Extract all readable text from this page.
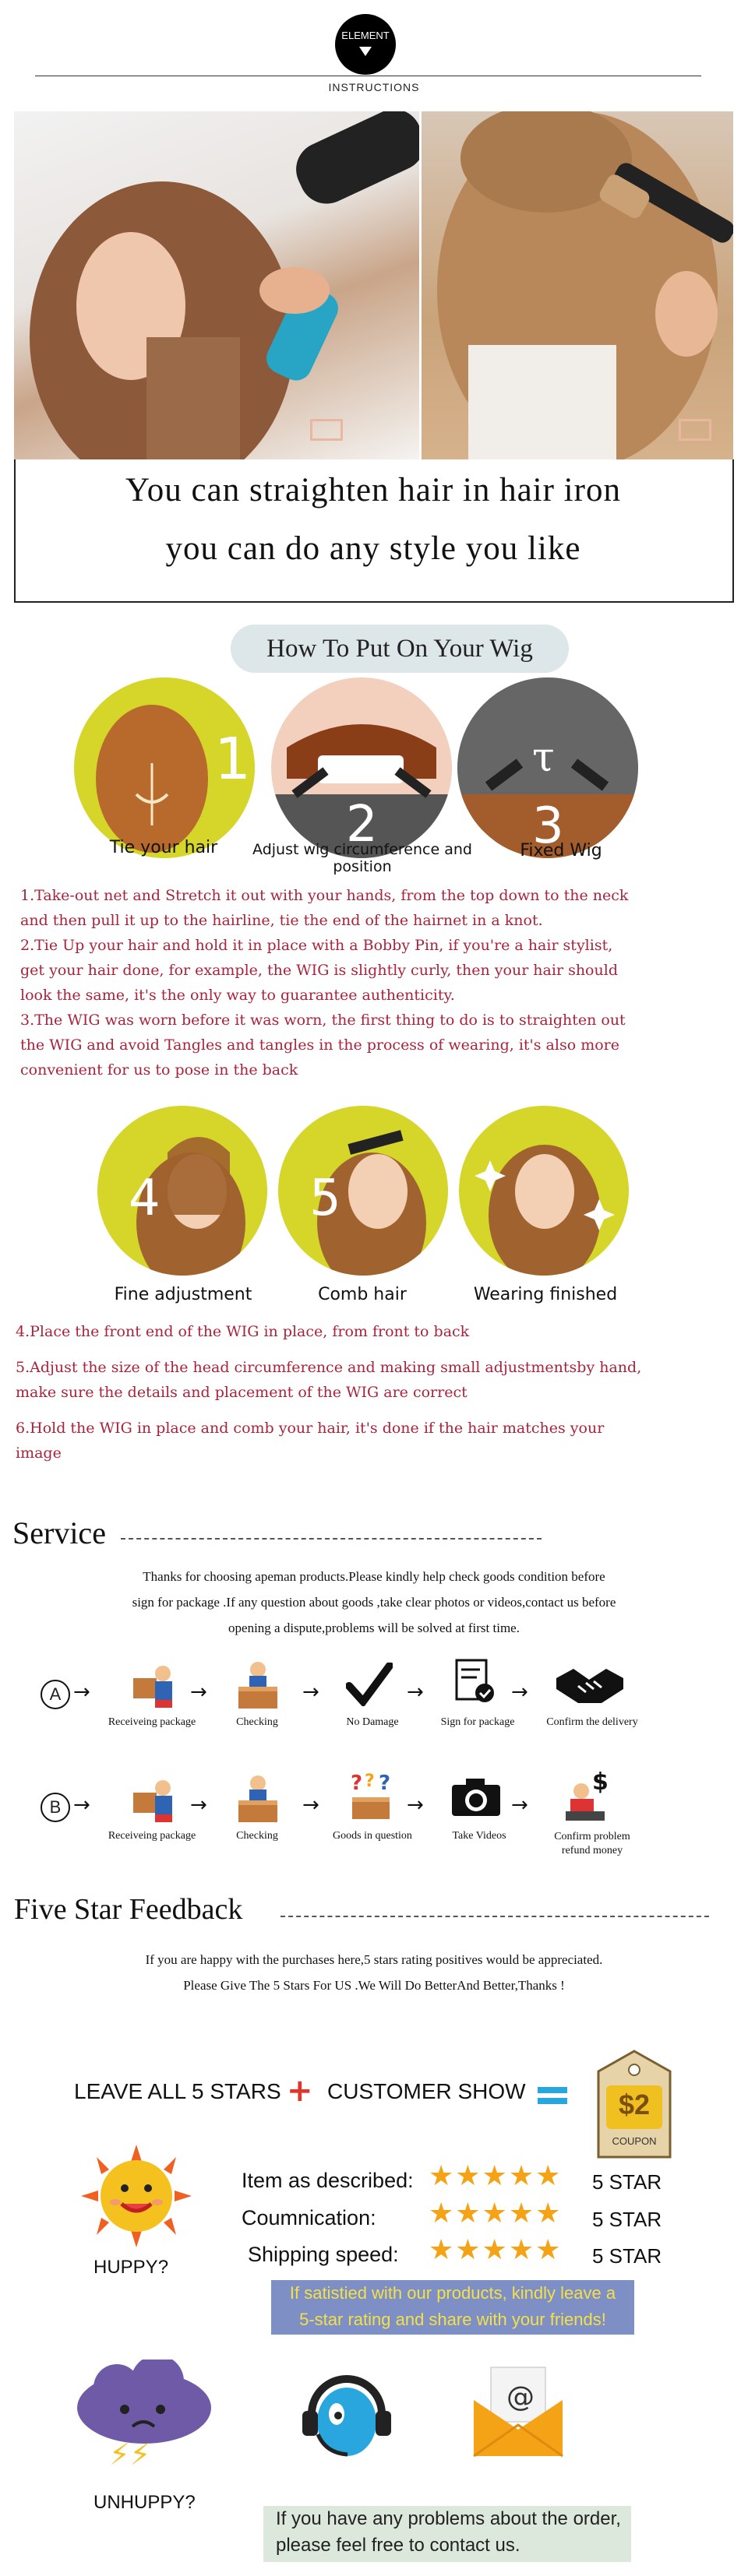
ELEMENT
INSTRUCTIONS
You can straighten hair in hair iron
you can do any style you like
How To Put On Your Wig
1
2
τ
3
Tie your hair	Adjust wig circumference and position
Fixed Wig
1.Take-out net and Stretch it out with your hands, from the top down to the neck
and then pull it up to the hairline, tie the end of the hairnet in a knot.
2.Tie Up your hair and hold it in place with a Bobby Pin, if you're a hair stylist,
get your hair done, for example, the WIG is slightly curly, then your hair should
look the same, it's the only way to guarantee authenticity.
3.The WIG was worn before it was worn, the first thing to do is to straighten out
the WIG and avoid Tangles and tangles in the process of wearing, it's also more
convenient for us to pose in the back
4	5
Fine adjustment	Comb hair	Wearing finished
4.Place the front end of the WIG in place, from front to back
5.Adjust the size of the head circumference and making small adjustmentsby hand,
make sure the details and placement of the WIG are correct
6.Hold the WIG in place and comb your hair, it's done if the hair matches your
image
Service
Thanks for choosing apeman products.Please kindly help check goods condition before
sign for package .If any question about goods ,take clear photos or videos,contact us before
opening a dispute,problems will be solved at first time.
A →	→	→	→	→
Receiveing package	Checking	No Damage	Sign for package	Confirm the delivery
B →	→	→
? ? ?
→	→
$
Receiveing package	Checking	Goods in question	Take Videos	Confirm problem
refund money
Five Star Feedback
If you are happy with the purchases here,5 stars rating positives would be appreciated.
Please Give The 5 Stars For US .We Will Do BetterAnd Better,Thanks !
LEAVE ALL 5 STARS + CUSTOMER SHOW	$2
COUPON
HUPPY?
Item as described: ★★★★★ 5 STAR
Coumnication: ★★★★★ 5 STAR
Shipping speed: ★★★★★ 5 STAR
If satistied with our products, kindly leave a
5-star rating and share with your friends!
⚡⚡
UNHUPPY?
@
If you have any problems about the order,
please feel free to contact us.
